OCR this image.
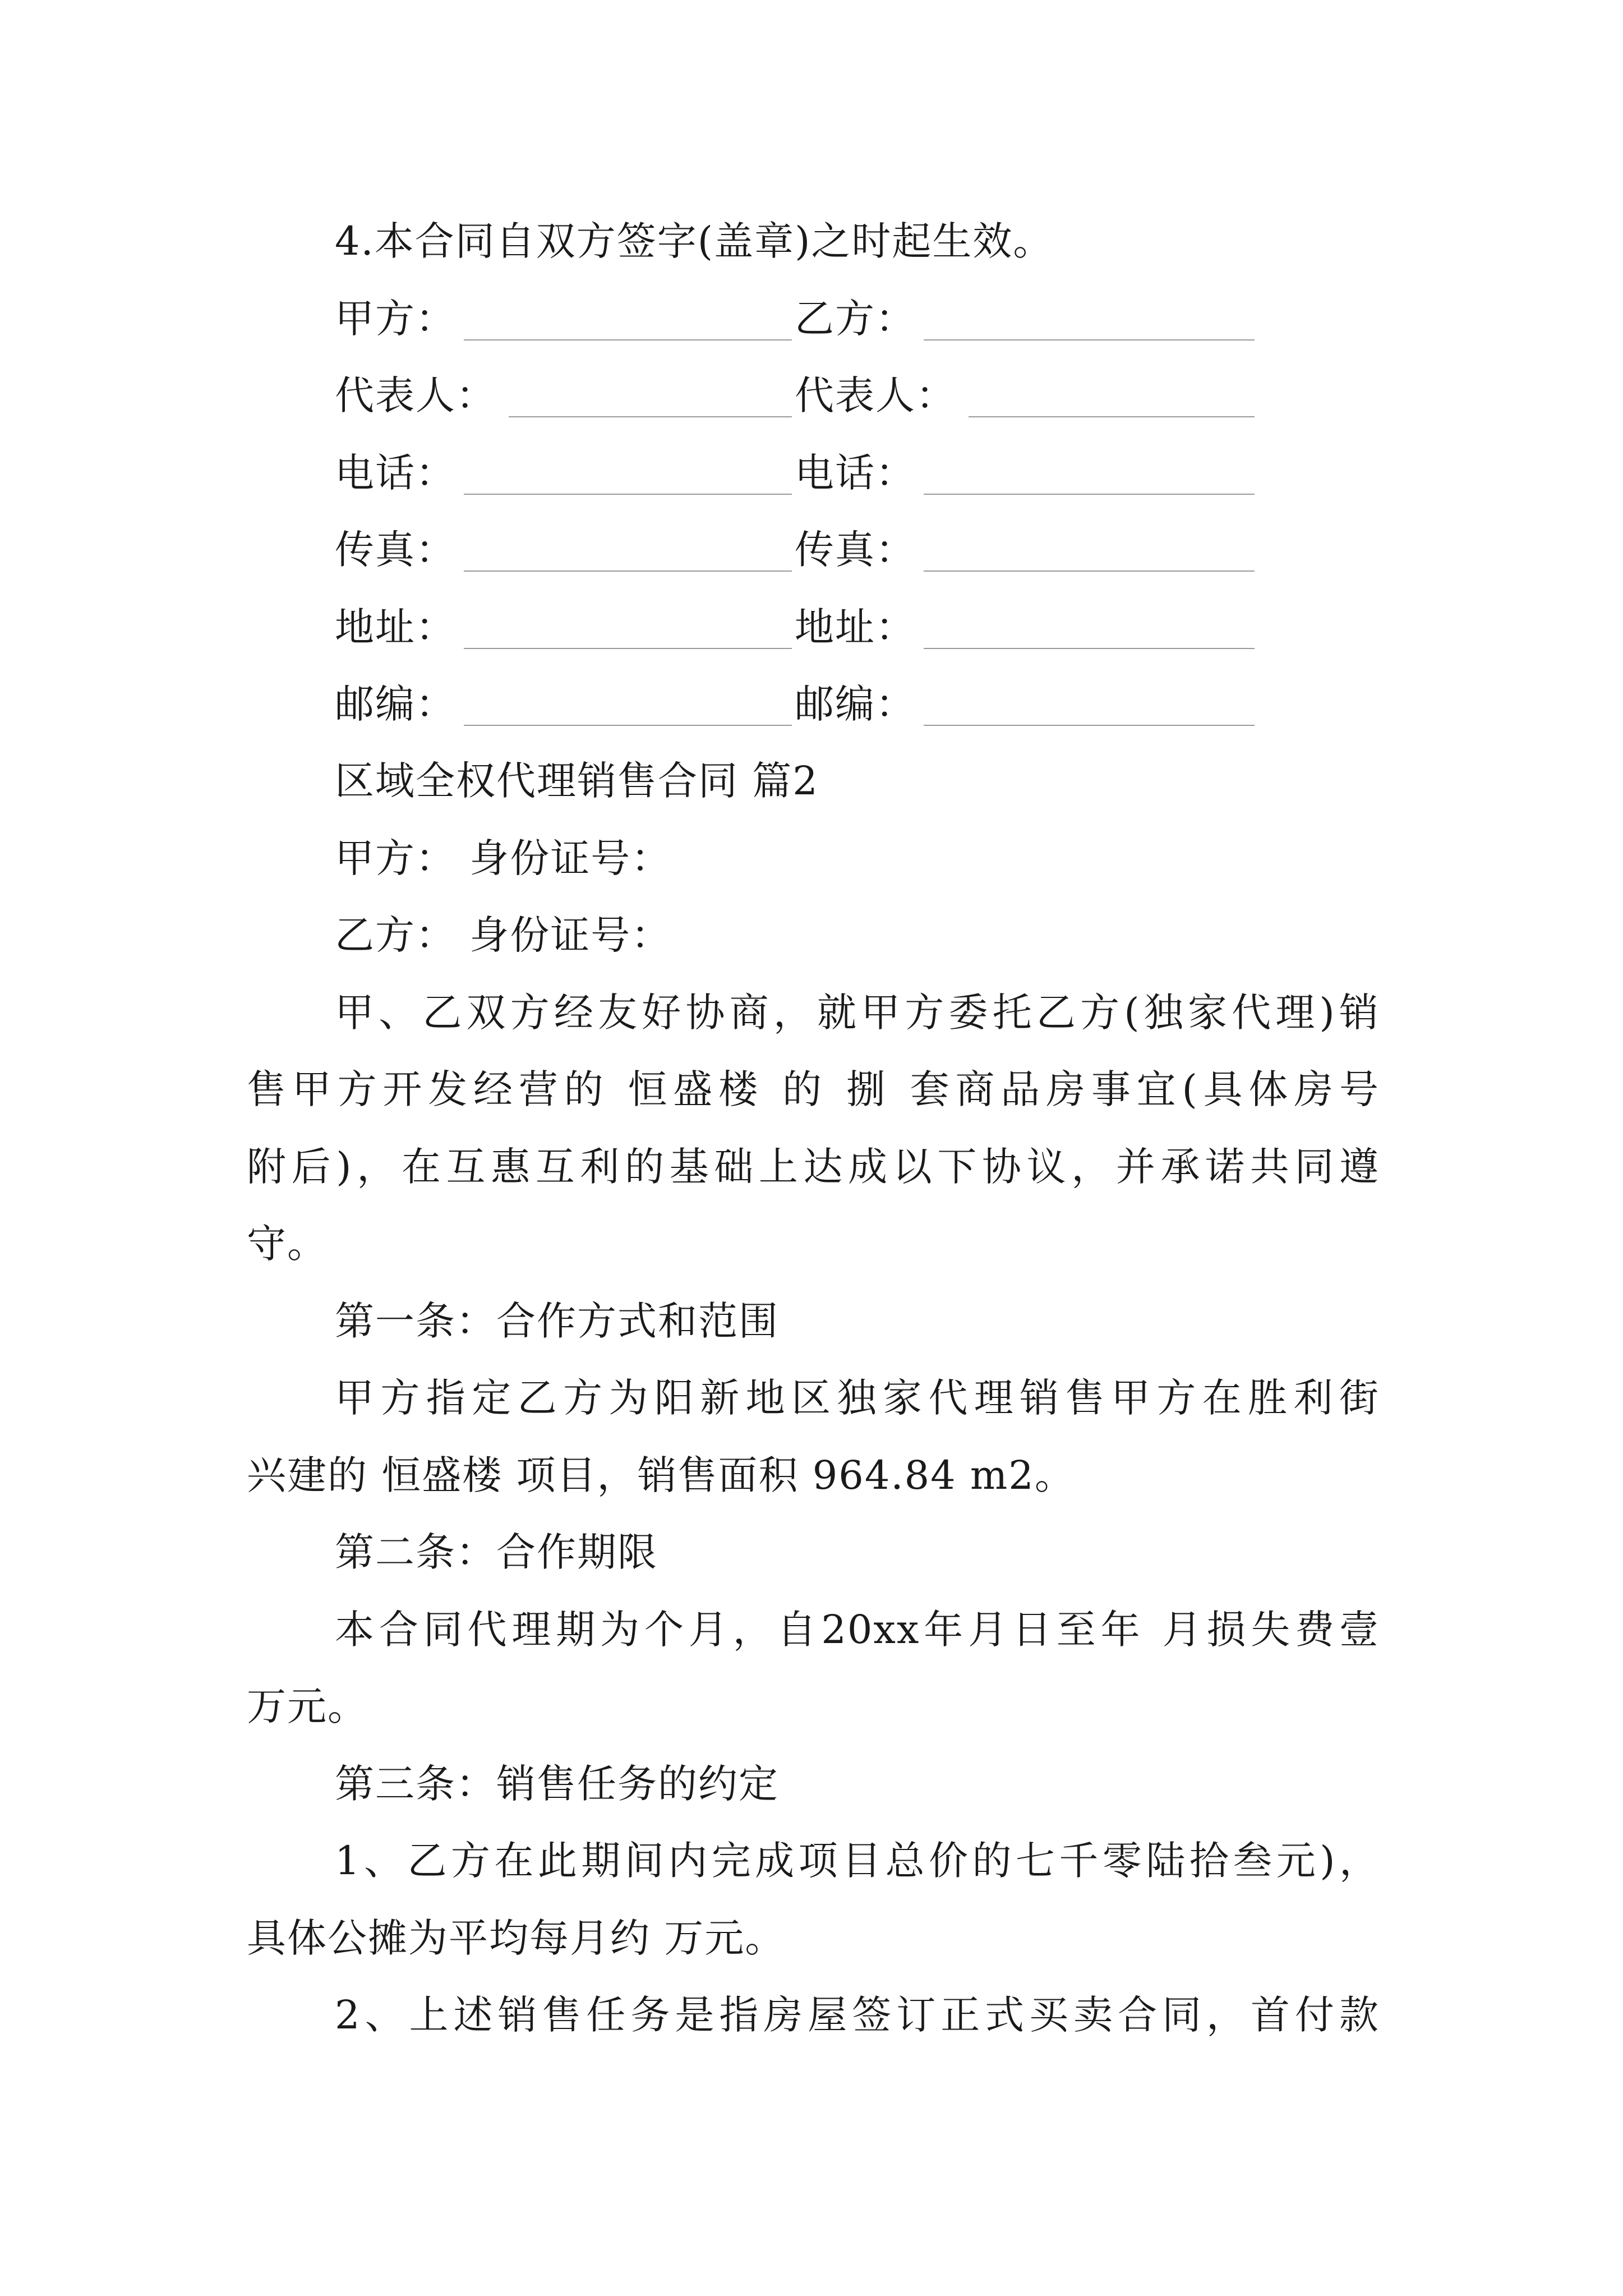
4.本合同自双方签字(盖章)之时起生效。
甲方：	乙方：
代表人：	代表人：
电话：	电话：
传真：	传真：
地址：	地址：
邮编：	邮编：
区域全权代理销售合同 篇2
甲方： 身份证号：
乙方： 身份证号：
甲、乙双方经友好协商，就甲方委托乙方(独家代理)销
售甲方开发经营的 恒盛楼 的 捌 套商品房事宜(具体房号
附后)，在互惠互利的基础上达成以下协议，并承诺共同遵
守。
第一条：合作方式和范围
甲方指定乙方为阳新地区独家代理销售甲方在胜利街
兴建的 恒盛楼 项目，销售面积 964.84 m2。
第二条：合作期限
本合同代理期为个月，自20xx年月日至年 月损失费壹
万元。
第三条：销售任务的约定
1、乙方在此期间内完成项目总价的七千零陆拾叁元)，
具体公摊为平均每月约 万元。
2、上述销售任务是指房屋签订正式买卖合同，首付款
